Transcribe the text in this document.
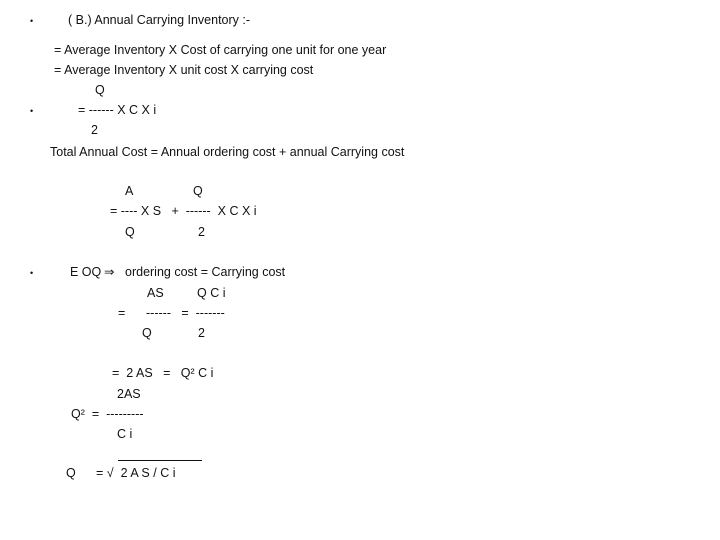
•	( B.) Annual Carrying Inventory :-
= Average Inventory X Cost of carrying one unit for one year
= Average Inventory X unit cost X carrying cost
Q
•	= ------ X C X i
2
Total Annual Cost = Annual ordering cost + annual Carrying cost
A	Q
= ---- X S   +  ------  X C X i
Q	2
•	E OQ ⇒ ordering cost = Carrying cost
AS	Q C i
= ------   =  -------
Q	2
=  2 AS   =   Q² C i
2AS
Q²  =  ---------
C i
Q = √  2 A S / C i
